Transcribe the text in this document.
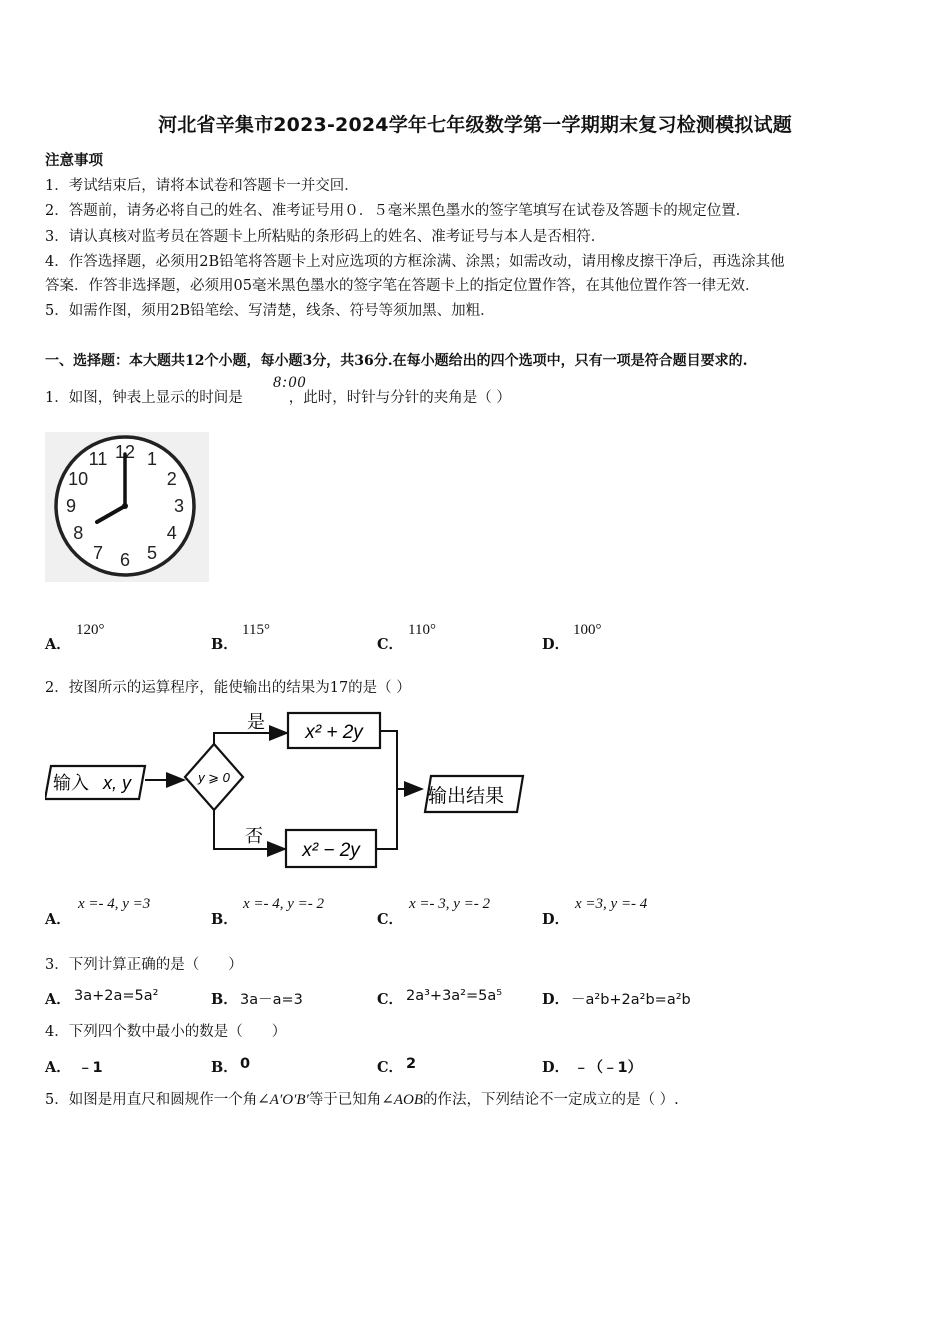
河北省辛集市2023-2024学年七年级数学第一学期期末复习检测模拟试题
注意事项
1．考试结束后，请将本试卷和答题卡一并交回．
2．答题前，请务必将自己的姓名、准考证号用０．５毫米黑色墨水的签字笔填写在试卷及答题卡的规定位置．
3．请认真核对监考员在答题卡上所粘贴的条形码上的姓名、准考证号与本人是否相符．
4．作答选择题，必须用2B铅笔将答题卡上对应选项的方框涂满、涂黑；如需改动，请用橡皮擦干净后，再选涂其他
答案．作答非选择题，必须用05毫米黑色墨水的签字笔在答题卡上的指定位置作答，在其他位置作答一律无效．
5．如需作图，须用2B铅笔绘、写清楚，线条、符号等须加黑、加粗．
一、选择题：本大题共12个小题，每小题3分，共36分.在每小题给出的四个选项中，只有一项是符合题目要求的.
1．如图，钟表上显示的时间是	，此时，时针与分针的夹角是（ ）
8:00
12 1
2
3
4
5
6
7
8
9
10
11
A．
120°
B．
115°
C．
110°
D．
100°
2．按图所示的运算程序，能使输出的结果为17的是（ ）
输入 x, y	y ⩾ 0
是 x² + 2y
否
x² − 2y
输出结果
A．
x =- 4, y =3
B．
x =- 4, y =- 2
C．
x =- 3, y =- 2
D．
x =3, y =- 4
3．下列计算正确的是（　　）
A． 3a+2a=5a²	B． 3a－a=3	C． 2a³+3a²=5a⁵	D． －a²b+2a²b=a²b
4．下列四个数中最小的数是（　　）
A． ﹣1	B． 0	C． 2	D． ﹣（﹣1）
5．如图是用直尺和圆规作一个角∠A′O′B′等于已知角∠AOB的作法，下列结论不一定成立的是（ ）.
